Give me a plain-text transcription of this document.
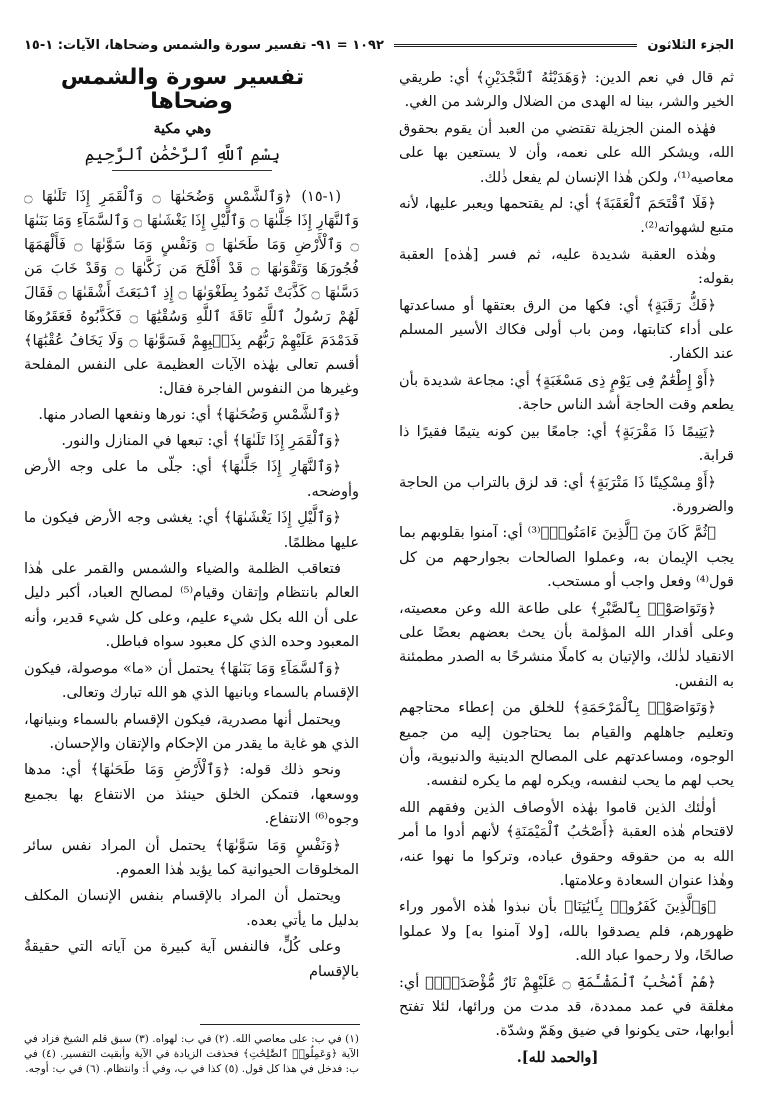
الجزء الثلاثون
١٠٩٢ = ٩١- تفسير سورة والشمس وضحاها، الآيات: ١-١٥

ثم قال في نعم الدين: ﴿وَهَدَيْنَٰهُ ٱلنَّجْدَيْنِ﴾ أي: طريقي الخير والشر، بينا له الهدى من الضلال والرشد من الغي.

فهٰذه المنن الجزيلة تقتضي من العبد أن يقوم بحقوق الله، ويشكر الله على نعمه، وأن لا يستعين بها على معاصيه⁽¹⁾، ولكن هٰذا الإنسان لم يفعل ذٰلك.

﴿فَلَا ٱقْتَحَمَ ٱلْعَقَبَةَ﴾ أي: لم يقتحمها ويعبر عليها، لأنه متبع لشهواته⁽²⁾.

وهٰذه العقبة شديدة عليه، ثم فسر [هٰذه] العقبة بقوله:

﴿فَكُّ رَقَبَةٍ﴾ أي: فكها من الرق بعتقها أو مساعدتها على أداء كتابتها، ومن باب أولى فكاك الأسير المسلم عند الكفار.

﴿أَوْ إِطْعَٰمٌ فِى يَوْمٍ ذِى مَسْغَبَةٍ﴾ أي: مجاعة شديدة بأن يطعم وقت الحاجة أشد الناس حاجة.

﴿يَتِيمًا ذَا مَقْرَبَةٍ﴾ أي: جامعًا بين كونه يتيمًا فقيرًا ذا قرابة.

﴿أَوْ مِسْكِينًا ذَا مَتْرَبَةٍ﴾ أي: قد لزق بالتراب من الحاجة والضرورة.

﴿ثُمَّ كَانَ مِنَ ٱلَّذِينَ ءَامَنُوا۟﴾⁽³⁾ أي: آمنوا بقلوبهم بما يجب الإيمان به، وعملوا الصالحات بجوارحهم من كل قول⁽⁴⁾ وفعل واجب أو مستحب.

﴿وَتَوَاصَوْا۟ بِٱلصَّبْرِ﴾ على طاعة الله وعن معصيته، وعلى أقدار الله المؤلمة بأن يحث بعضهم بعضًا على الانقياد لذٰلك، والإتيان به كاملًا منشرحًا به الصدر مطمئنة به النفس.

﴿وَتَوَاصَوْا۟ بِٱلْمَرْحَمَةِ﴾ للخلق من إعطاء محتاجهم وتعليم جاهلهم والقيام بما يحتاجون إليه من جميع الوجوه، ومساعدتهم على المصالح الدينية والدنيوية، وأن يحب لهم ما يحب لنفسه، ويكره لهم ما يكره لنفسه.

أولٰئك الذين قاموا بهٰذه الأوصاف الذين وفقهم الله لاقتحام هٰذه العقبة ﴿أَصْحَٰبُ ٱلْمَيْمَنَةِ﴾ لأنهم أدوا ما أمر الله به من حقوقه وحقوق عباده، وتركوا ما نهوا عنه، وهٰذا عنوان السعادة وعلامتها.

﴿وَٱلَّذِينَ كَفَرُوا۟ بِـَٔايَٰتِنَا﴾ بأن نبذوا هٰذه الأمور وراء ظهورهم، فلم يصدقوا بالله، [ولا آمنوا به] ولا عملوا صالحًا، ولا رحموا عباد الله.

﴿هُمْ أَصْحَٰبُ ٱلْمَشْـَٔمَةِ ۝ عَلَيْهِمْ نَارٌ مُّؤْصَدَةٌۢ﴾ أي: مغلقة في عمد ممددة، قد مدت من ورائها، لئلا تفتح أبوابها، حتى يكونوا في ضيق وهَمّ وشدّة.

[والحمد لله].

تفسير سورة والشمس وضحاها

وهي مكية

بِسْمِ ٱللَّهِ ٱلرَّحْمَٰنِ ٱلرَّحِيمِ

(١-١٥) ﴿وَٱلشَّمْسِ وَضُحَىٰهَا ۝ وَٱلْقَمَرِ إِذَا تَلَىٰهَا ۝ وَٱلنَّهَارِ إِذَا جَلَّىٰهَا ۝ وَٱلَّيْلِ إِذَا يَغْشَىٰهَا ۝ وَٱلسَّمَآءِ وَمَا بَنَىٰهَا ۝ وَٱلْأَرْضِ وَمَا طَحَىٰهَا ۝ وَنَفْسٍ وَمَا سَوَّىٰهَا ۝ فَأَلْهَمَهَا فُجُورَهَا وَتَقْوَىٰهَا ۝ قَدْ أَفْلَحَ مَن زَكَّىٰهَا ۝ وَقَدْ خَابَ مَن دَسَّىٰهَا ۝ كَذَّبَتْ ثَمُودُ بِطَغْوَىٰهَا ۝ إِذِ ٱنۢبَعَثَ أَشْقَىٰهَا ۝ فَقَالَ لَهُمْ رَسُولُ ٱللَّهِ نَاقَةَ ٱللَّهِ وَسُقْيَٰهَا ۝ فَكَذَّبُوهُ فَعَقَرُوهَا فَدَمْدَمَ عَلَيْهِمْ رَبُّهُم بِذَنۢبِهِمْ فَسَوَّىٰهَا ۝ وَلَا يَخَافُ عُقْبَٰهَا﴾ أقسم تعالى بهٰذه الآيات العظيمة على النفس المفلحة وغيرها من النفوس الفاجرة فقال:

﴿وَٱلشَّمْسِ وَضُحَىٰهَا﴾ أي: نورها ونفعها الصادر منها.

﴿وَٱلْقَمَرِ إِذَا تَلَىٰهَا﴾ أي: تبعها في المنازل والنور.

﴿وَٱلنَّهَارِ إِذَا جَلَّىٰهَا﴾ أي: جلّى ما على وجه الأرض وأوضحه.

﴿وَٱلَّيْلِ إِذَا يَغْشَىٰهَا﴾ أي: يغشى وجه الأرض فيكون ما عليها مظلمًا.

فتعاقب الظلمة والضياء والشمس والقمر على هٰذا العالم بانتظام وإتقان وقيام⁽⁵⁾ لمصالح العباد، أكبر دليل على أن الله بكل شيء عليم، وعلى كل شيء قدير، وأنه المعبود وحده الذي كل معبود سواه فباطل.

﴿وَٱلسَّمَآءِ وَمَا بَنَىٰهَا﴾ يحتمل أن «ما» موصولة، فيكون الإقسام بالسماء وبانيها الذي هو الله تبارك وتعالى.

ويحتمل أنها مصدرية، فيكون الإقسام بالسماء وبنيانها، الذي هو غاية ما يقدر من الإحكام والإتقان والإحسان.

ونحو ذلك قوله: ﴿وَٱلْأَرْضِ وَمَا طَحَىٰهَا﴾ أي: مدها ووسعها، فتمكن الخلق حينئذ من الانتفاع بها بجميع وجوه⁽⁶⁾ الانتفاع.

﴿وَنَفْسٍ وَمَا سَوَّىٰهَا﴾ يحتمل أن المراد نفس سائر المخلوقات الحيوانية كما يؤيد هٰذا العموم.

ويحتمل أن المراد بالإقسام بنفس الإنسان المكلف بدليل ما يأتي بعده.

وعلى كُلٍّ، فالنفس آية كبيرة من آياته التي حقيقةٌ بالإقسام

(١) في ب: على معاصي الله. (٢) في ب: لهواه. (٣) سبق قلم الشيخ فزاد في الآية ﴿وَعَمِلُوا۟ ٱلصَّٰلِحَٰتِ﴾ فحذفت الزيادة في الآية وأبقيت التفسير. (٤) في ب: فدخل في هذا كل قول. (٥) كذا في ب، وفي أ: وانتظام. (٦) في ب: أوجه.
